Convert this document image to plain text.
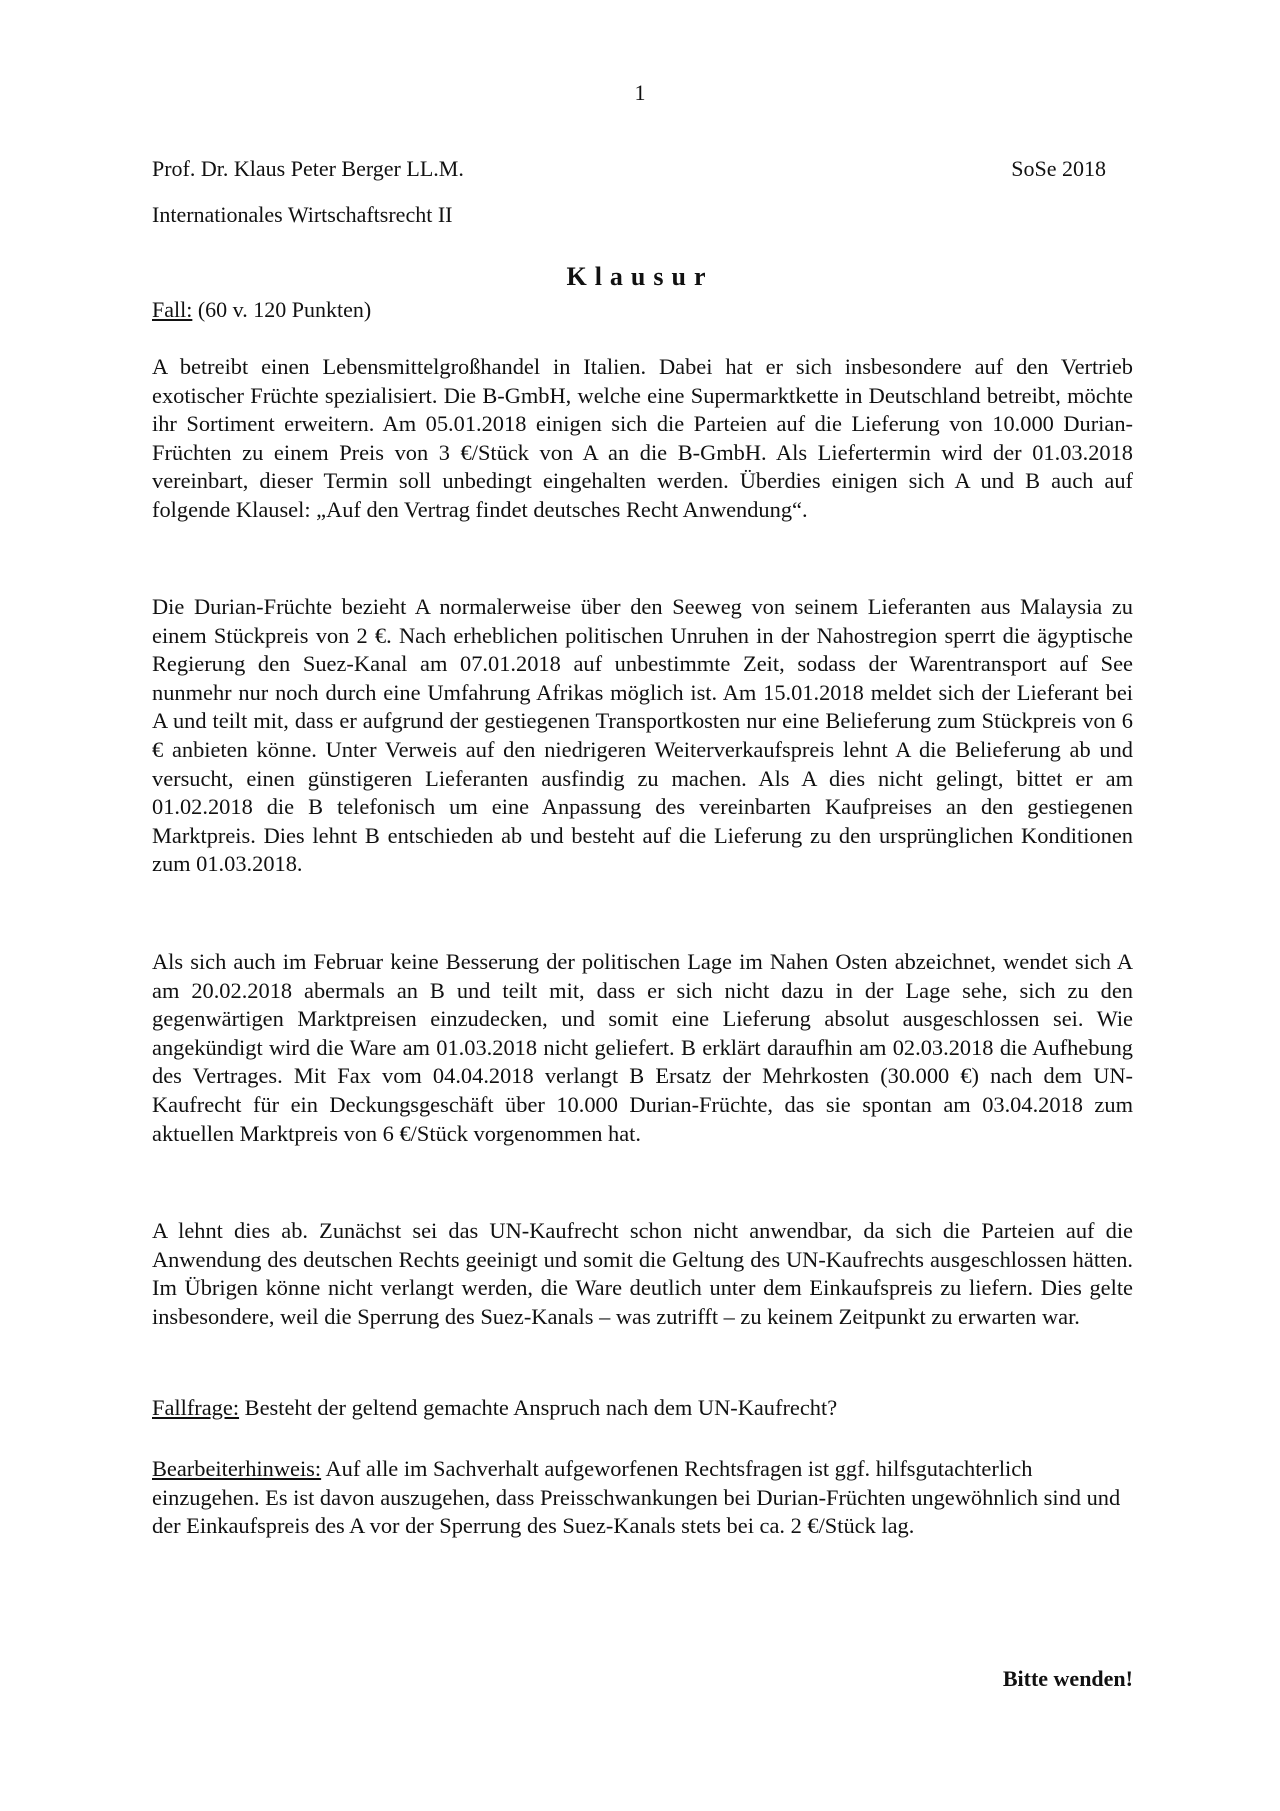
1
Prof. Dr. Klaus Peter Berger LL.M.	SoSe 2018
Internationales Wirtschaftsrecht II
Klausur
Fall: (60 v. 120 Punkten)

A betreibt einen Lebensmittelgroßhandel in Italien. Dabei hat er sich insbesondere auf den Vertrieb exotischer Früchte spezialisiert. Die B-GmbH, welche eine Supermarktkette in Deutschland betreibt, möchte ihr Sortiment erweitern. Am 05.01.2018 einigen sich die Parteien auf die Lieferung von 10.000 Durian-Früchten zu einem Preis von 3 €/Stück von A an die B-GmbH. Als Liefertermin wird der 01.03.2018 vereinbart, dieser Termin soll unbedingt eingehalten werden. Überdies einigen sich A und B auch auf folgende Klausel: „Auf den Vertrag findet deutsches Recht Anwendung“.

Die Durian-Früchte bezieht A normalerweise über den Seeweg von seinem Lieferanten aus Malaysia zu einem Stückpreis von 2 €. Nach erheblichen politischen Unruhen in der Nahostregion sperrt die ägyptische Regierung den Suez-Kanal am 07.01.2018 auf unbestimmte Zeit, sodass der Warentransport auf See nunmehr nur noch durch eine Umfahrung Afrikas möglich ist. Am 15.01.2018 meldet sich der Lieferant bei A und teilt mit, dass er aufgrund der gestiegenen Transportkosten nur eine Belieferung zum Stückpreis von 6 € anbieten könne. Unter Verweis auf den niedrigeren Weiterverkaufspreis lehnt A die Belieferung ab und versucht, einen günstigeren Lieferanten ausfindig zu machen. Als A dies nicht gelingt, bittet er am 01.02.2018 die B telefonisch um eine Anpassung des vereinbarten Kaufpreises an den gestiegenen Marktpreis. Dies lehnt B entschieden ab und besteht auf die Lieferung zu den ursprünglichen Konditionen zum 01.03.2018.

Als sich auch im Februar keine Besserung der politischen Lage im Nahen Osten abzeichnet, wendet sich A am 20.02.2018 abermals an B und teilt mit, dass er sich nicht dazu in der Lage sehe, sich zu den gegenwärtigen Marktpreisen einzudecken, und somit eine Lieferung absolut ausgeschlossen sei. Wie angekündigt wird die Ware am 01.03.2018 nicht geliefert. B erklärt daraufhin am 02.03.2018 die Aufhebung des Vertrages. Mit Fax vom 04.04.2018 verlangt B Ersatz der Mehrkosten (30.000 €) nach dem UN-Kaufrecht für ein Deckungsgeschäft über 10.000 Durian-Früchte, das sie spontan am 03.04.2018 zum aktuellen Marktpreis von 6 €/Stück vorgenommen hat.

A lehnt dies ab. Zunächst sei das UN-Kaufrecht schon nicht anwendbar, da sich die Parteien auf die Anwendung des deutschen Rechts geeinigt und somit die Geltung des UN-Kaufrechts ausgeschlossen hätten. Im Übrigen könne nicht verlangt werden, die Ware deutlich unter dem Einkaufspreis zu liefern. Dies gelte insbesondere, weil die Sperrung des Suez-Kanals – was zutrifft – zu keinem Zeitpunkt zu erwarten war.

Fallfrage: Besteht der geltend gemachte Anspruch nach dem UN-Kaufrecht?

Bearbeiterhinweis: Auf alle im Sachverhalt aufgeworfenen Rechtsfragen ist ggf. hilfsgutachterlich einzugehen. Es ist davon auszugehen, dass Preisschwankungen bei Durian-Früchten ungewöhnlich sind und der Einkaufspreis des A vor der Sperrung des Suez-Kanals stets bei ca. 2 €/Stück lag.

Bitte wenden!
